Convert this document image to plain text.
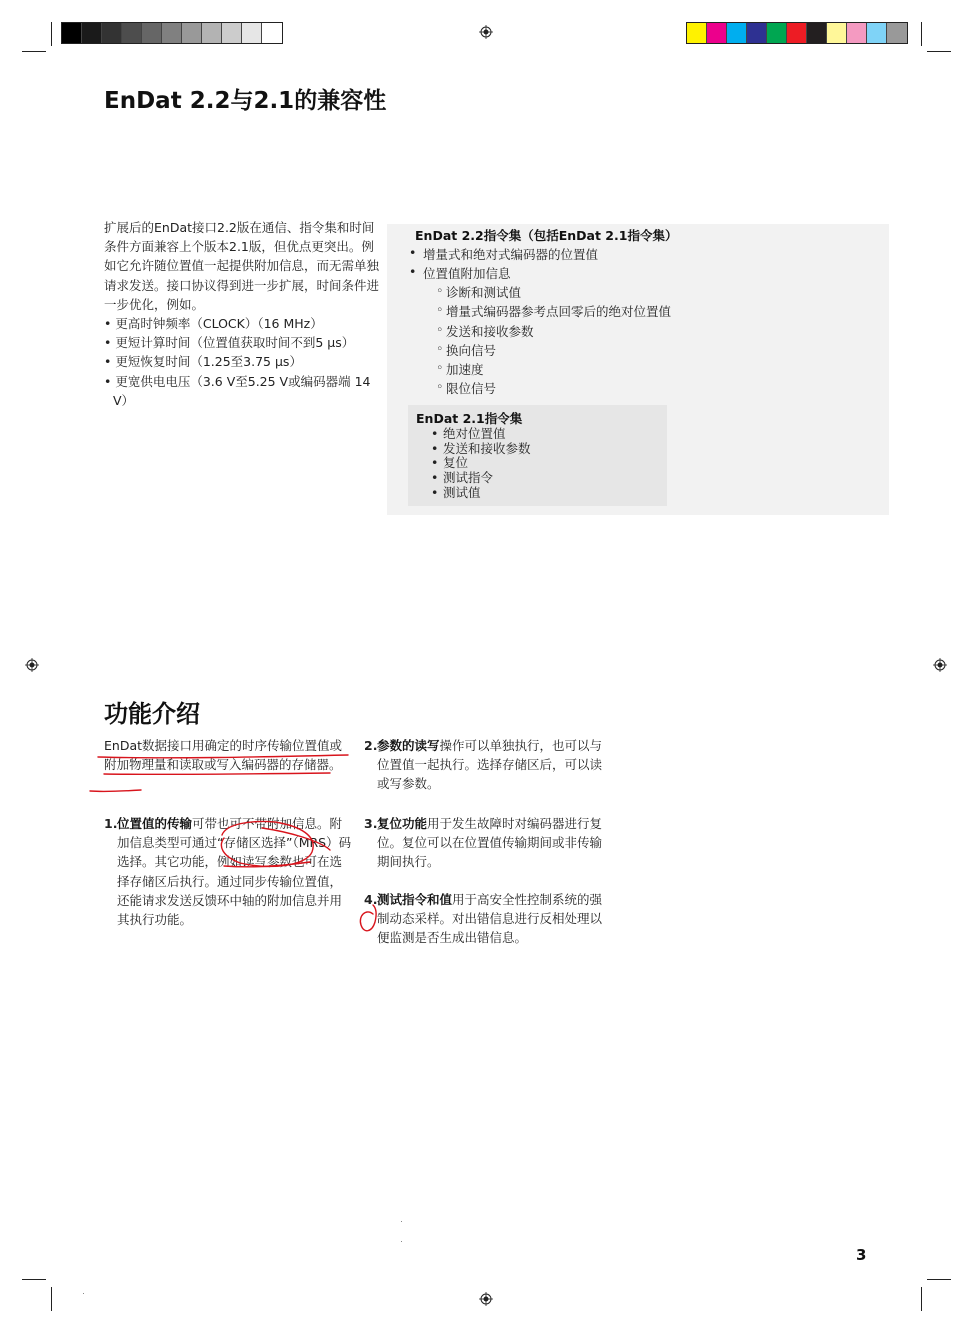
EnDat 2.2与2.1的兼容性
扩展后的EnDat接口2.2版在通信、指令集和时间条件方面兼容上个版本2.1版，但优点更突出。例如它允许随位置值一起提供附加信息，而无需单独请求发送。接口协议得到进一步扩展，时间条件进一步优化，例如。
• 更高时钟频率（CLOCK）（16 MHz）
• 更短计算时间（位置值获取时间不到5 µs）
• 更短恢复时间（1.25至3.75 µs）
• 更宽供电电压（3.6 V至5.25 V或编码器端 14 V）
EnDat 2.2指令集（包括EnDat 2.1指令集）
• 增量式和绝对式编码器的位置值
• 位置值附加信息
◦ 诊断和测试值
◦ 增量式编码器参考点回零后的绝对位置值
◦ 发送和接收参数
◦ 换向信号
◦ 加速度
◦ 限位信号
EnDat 2.1指令集
• 绝对位置值
• 发送和接收参数
• 复位
• 测试指令
• 测试值
功能介绍
EnDat数据接口用确定的时序传输位置值或附加物理量和读取或写入编码器的存储器。
1. 位置值的传输可带也可不带附加信息。附加信息类型可通过“存储区选择”（MRS）码选择。其它功能，例如读写参数也可在选择存储区后执行。通过同步传输位置值，还能请求发送反馈环中轴的附加信息并用其执行功能。
2. 参数的读写操作可以单独执行，也可以与位置值一起执行。选择存储区后，可以读或写参数。
3. 复位功能用于发生故障时对编码器进行复位。复位可以在位置值传输期间或非传输期间执行。
4. 测试指令和值用于高安全性控制系统的强制动态采样。对出错信息进行反相处理以便监测是否生成出错信息。
3
